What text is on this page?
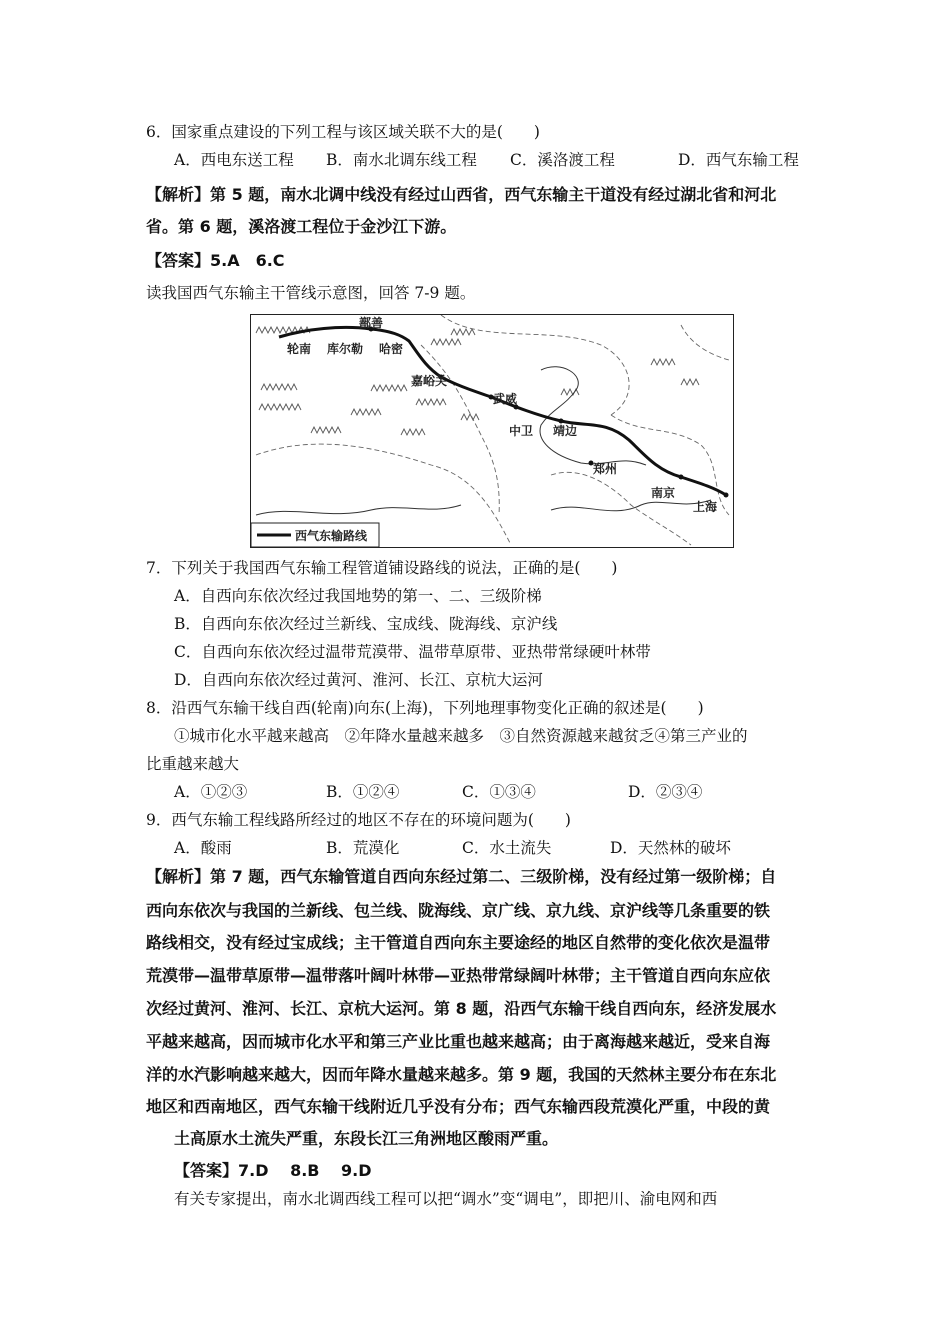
6．国家重点建设的下列工程与该区域关联不大的是(　　)
A．西电东送工程 B．南水北调东线工程 C．溪洛渡工程	D．西气东输工程
【解析】第 5 题，南水北调中线没有经过山西省，西气东输主干道没有经过湖北省和河北
省。第 6 题，溪洛渡工程位于金沙江下游。
【答案】5.A　6.C
读我国西气东输主干管线示意图，回答 7-9 题。
鄯善
轮南 库尔勒 哈密
嘉峪关
武威
中卫 靖边
郑州
南京
上海
西气东输路线
7．下列关于我国西气东输工程管道铺设路线的说法，正确的是(　　)
A．自西向东依次经过我国地势的第一、二、三级阶梯
B．自西向东依次经过兰新线、宝成线、陇海线、京沪线
C．自西向东依次经过温带荒漠带、温带草原带、亚热带常绿硬叶林带
D．自西向东依次经过黄河、淮河、长江、京杭大运河
8．沿西气东输干线自西(轮南)向东(上海)，下列地理事物变化正确的叙述是(　　)
①城市化水平越来越高　②年降水量越来越多　③自然资源越来越贫乏④第三产业的
比重越来越大
A．①②③	B．①②④	C．①③④	D．②③④
9．西气东输工程线路所经过的地区不存在的环境问题为(　　)
A．酸雨	B．荒漠化	C．水土流失	D．天然林的破坏
【解析】第 7 题，西气东输管道自西向东经过第二、三级阶梯，没有经过第一级阶梯；自
西向东依次与我国的兰新线、包兰线、陇海线、京广线、京九线、京沪线等几条重要的铁
路线相交，没有经过宝成线；主干管道自西向东主要途经的地区自然带的变化依次是温带
荒漠带—温带草原带—温带落叶阔叶林带—亚热带常绿阔叶林带；主干管道自西向东应依
次经过黄河、淮河、长江、京杭大运河。第 8 题，沿西气东输干线自西向东，经济发展水
平越来越高，因而城市化水平和第三产业比重也越来越高；由于离海越来越近，受来自海
洋的水汽影响越来越大，因而年降水量越来越多。第 9 题，我国的天然林主要分布在东北
地区和西南地区，西气东输干线附近几乎没有分布；西气东输西段荒漠化严重，中段的黄
土高原水土流失严重，东段长江三角洲地区酸雨严重。
【答案】7.D　 8.B　 9.D
有关专家提出，南水北调西线工程可以把“调水”变“调电”，即把川、渝电网和西
